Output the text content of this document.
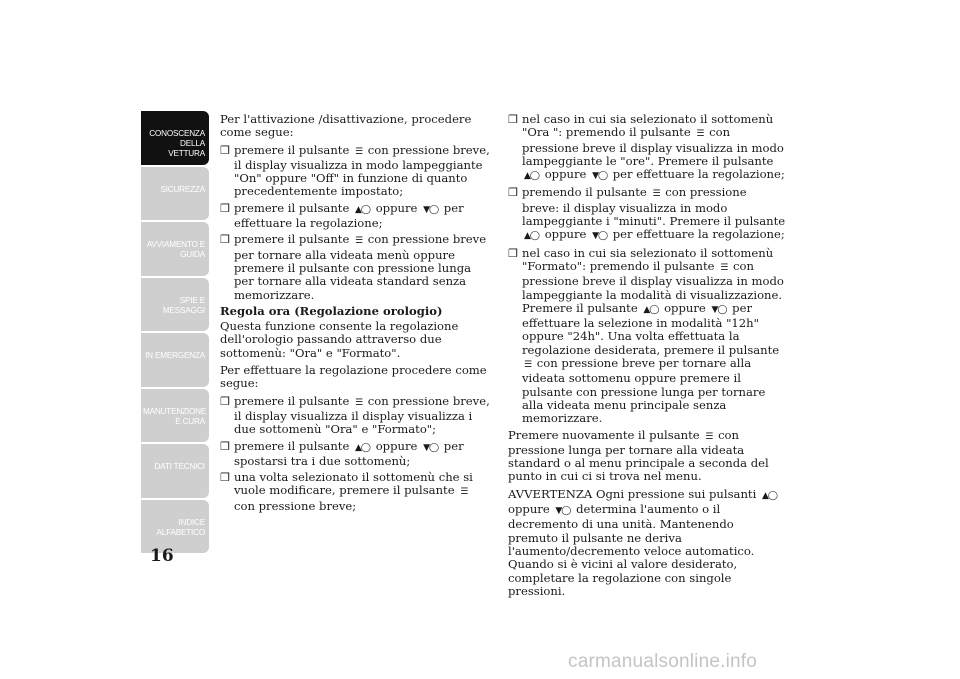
CONOSCENZA DELLA VETTURA
SICUREZZA
AVVIAMENTO E GUIDA
SPIE E MESSAGGI
IN EMERGENZA
MANUTENZIONE E CURA
DATI TECNICI
INDICE ALFABETICO
16

Per l'attivazione /disattivazione, procedere come segue:

❒ premere il pulsante ☰ con pressione breve, il display visualizza in modo lampeggiante "On" oppure "Off" in funzione di quanto precedentemente impostato;
❒ premere il pulsante ▲◯ oppure ▼◯ per effettuare la regolazione;
❒ premere il pulsante ☰ con pressione breve per tornare alla videata menù oppure premere il pulsante con pressione lunga per tornare alla videata standard senza memorizzare.

Regola ora (Regolazione orologio)

Questa funzione consente la regolazione dell'orologio passando attraverso due sottomenù: "Ora" e "Formato".

Per effettuare la regolazione procedere come segue:

❒ premere il pulsante ☰ con pressione breve, il display visualizza il display visualizza i due sottomenù "Ora" e "Formato";
❒ premere il pulsante ▲◯ oppure ▼◯ per spostarsi tra i due sottomenù;
❒ una volta selezionato il sottomenù che si vuole modificare, premere il pulsante ☰ con pressione breve;
❒ nel caso in cui sia selezionato il sottomenù "Ora ": premendo il pulsante ☰ con pressione breve il display visualizza in modo lampeggiante le "ore". Premere il pulsante ▲◯ oppure ▼◯ per effettuare la regolazione;
❒ premendo il pulsante ☰ con pressione breve: il display visualizza in modo lampeggiante i "minuti". Premere il pulsante ▲◯ oppure ▼◯ per effettuare la regolazione;
❒ nel caso in cui sia selezionato il sottomenù "Formato": premendo il pulsante ☰ con pressione breve il display visualizza in modo lampeggiante la modalità di visualizzazione. Premere il pulsante ▲◯ oppure ▼◯ per effettuare la selezione in modalità "12h" oppure "24h". Una volta effettuata la regolazione desiderata, premere il pulsante ☰ con pressione breve per tornare alla videata sottomenu oppure premere il pulsante con pressione lunga per tornare alla videata menu principale senza memorizzare.

Premere nuovamente il pulsante ☰ con pressione lunga per tornare alla videata standard o al menu principale a seconda del punto in cui ci si trova nel menu.

AVVERTENZA Ogni pressione sui pulsanti ▲◯ oppure ▼◯ determina l'aumento o il decremento di una unità. Mantenendo premuto il pulsante ne deriva l'aumento/decremento veloce automatico. Quando si è vicini al valore desiderato, completare la regolazione con singole pressioni.

carmanualsonline.info
